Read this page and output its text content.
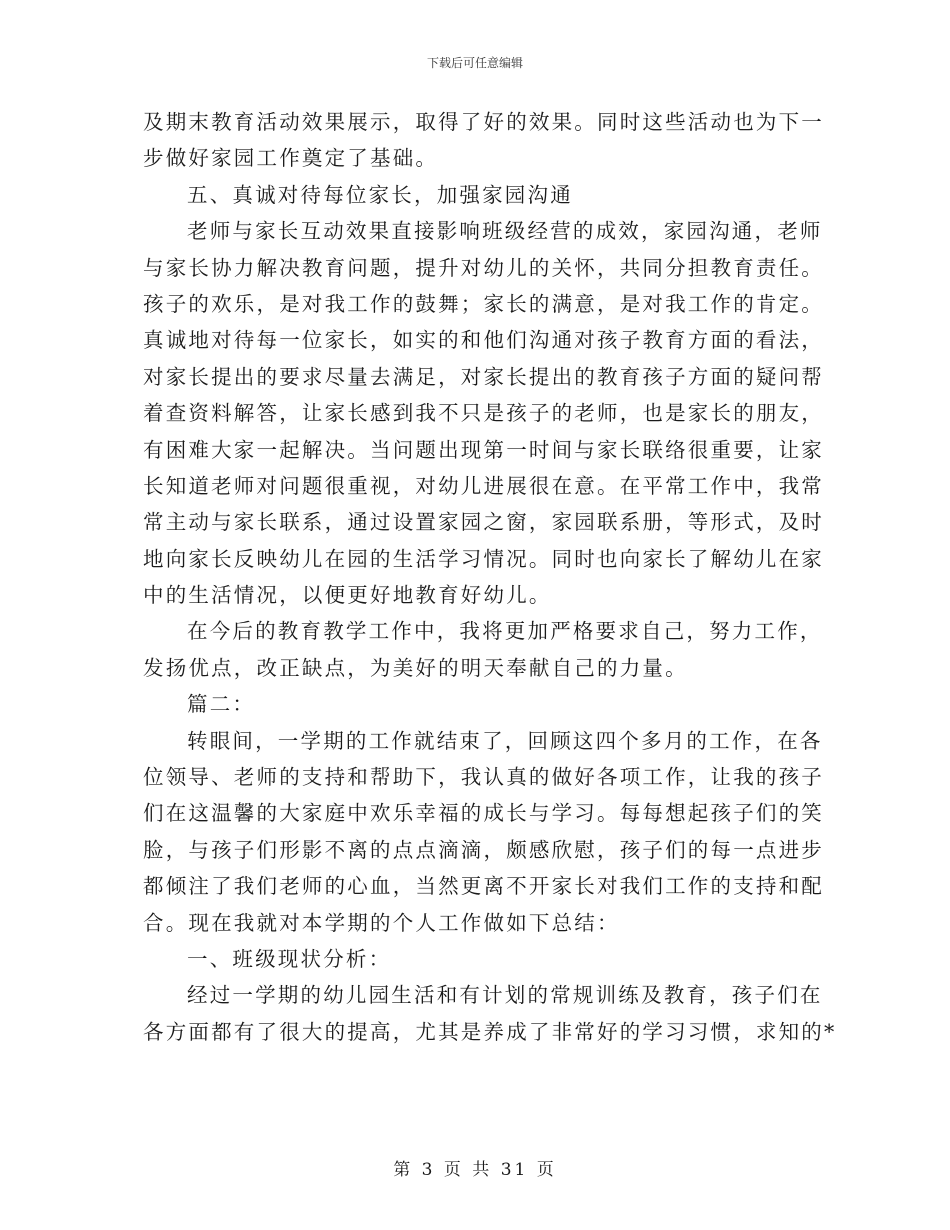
下载后可任意编辑
及期末教育活动效果展示，取得了好的效果。同时这些活动也为下一
步做好家园工作奠定了基础。
五、真诚对待每位家长，加强家园沟通
老师与家长互动效果直接影响班级经营的成效，家园沟通，老师
与家长协力解决教育问题，提升对幼儿的关怀，共同分担教育责任。
孩子的欢乐，是对我工作的鼓舞；家长的满意，是对我工作的肯定。
真诚地对待每一位家长，如实的和他们沟通对孩子教育方面的看法，
对家长提出的要求尽量去满足，对家长提出的教育孩子方面的疑问帮
着查资料解答，让家长感到我不只是孩子的老师，也是家长的朋友，
有困难大家一起解决。当问题出现第一时间与家长联络很重要，让家
长知道老师对问题很重视，对幼儿进展很在意。在平常工作中，我常
常主动与家长联系，通过设置家园之窗，家园联系册，等形式，及时
地向家长反映幼儿在园的生活学习情况。同时也向家长了解幼儿在家
中的生活情况，以便更好地教育好幼儿。
在今后的教育教学工作中，我将更加严格要求自己，努力工作，
发扬优点，改正缺点，为美好的明天奉献自己的力量。
篇二：
转眼间，一学期的工作就结束了，回顾这四个多月的工作，在各
位领导、老师的支持和帮助下，我认真的做好各项工作，让我的孩子
们在这温馨的大家庭中欢乐幸福的成长与学习。每每想起孩子们的笑
脸，与孩子们形影不离的点点滴滴，颇感欣慰，孩子们的每一点进步
都倾注了我们老师的心血，当然更离不开家长对我们工作的支持和配
合。现在我就对本学期的个人工作做如下总结：
一、班级现状分析：
经过一学期的幼儿园生活和有计划的常规训练及教育，孩子们在
各方面都有了很大的提高，尤其是养成了非常好的学习习惯，求知的*
第 3 页 共 31 页
